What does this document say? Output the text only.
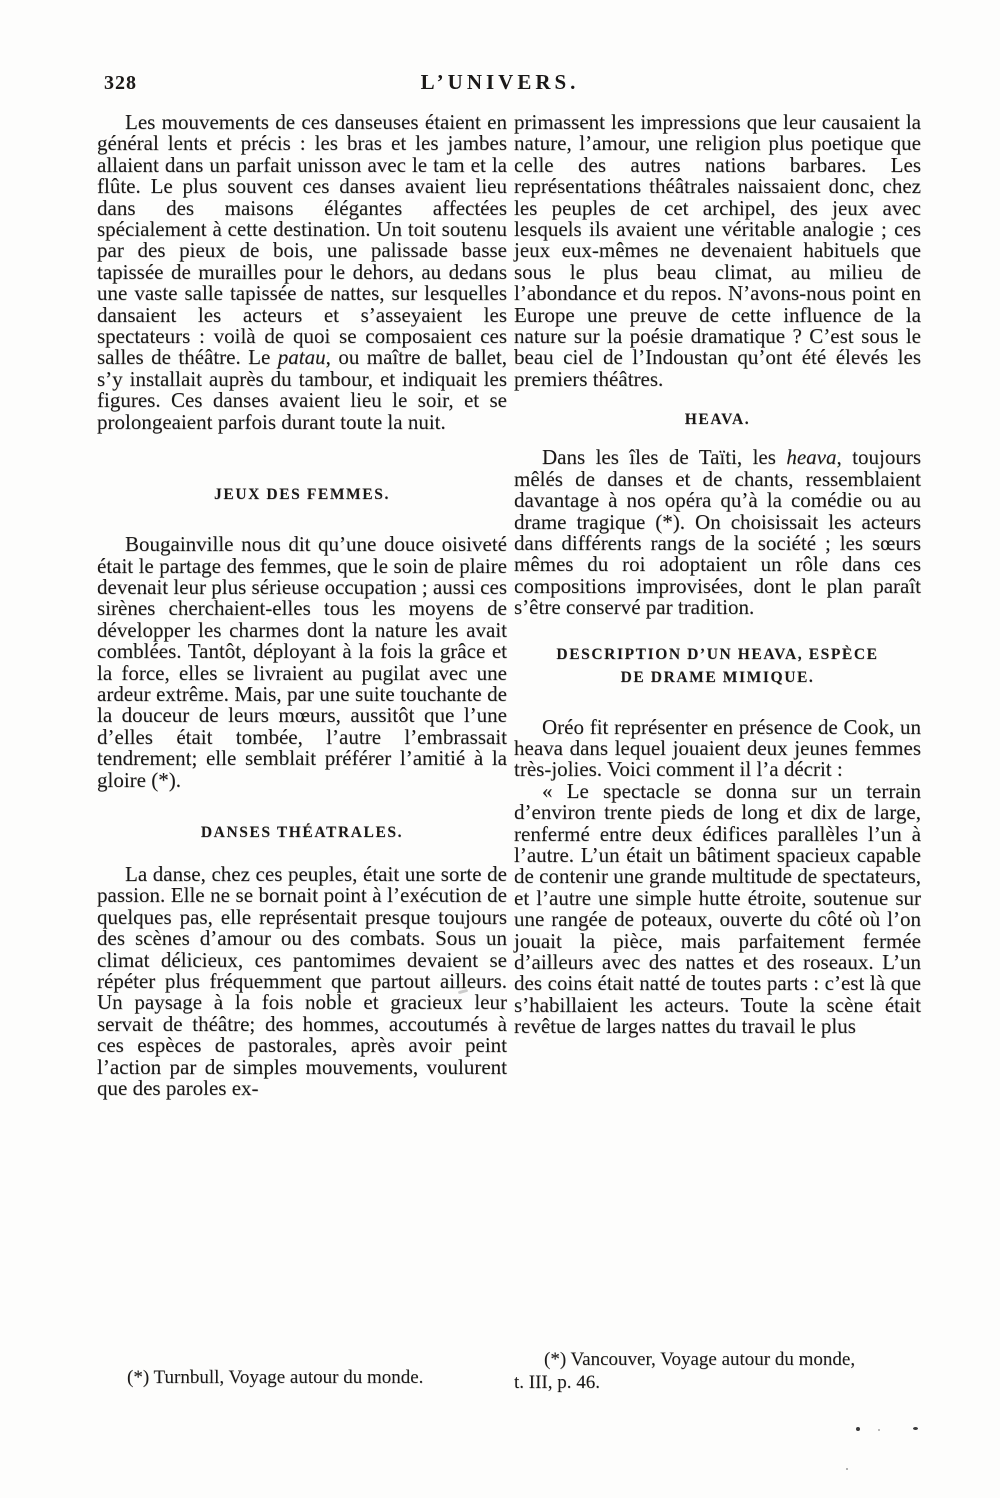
328	L’UNIVERS.

Les mouvements de ces danseuses étaient en général lents et précis : les bras et les jambes allaient dans un parfait unisson avec le tam et la flûte. Le plus souvent ces danses avaient lieu dans des maisons élégantes affectées spécialement à cette destination. Un toit soutenu par des pieux de bois, une palissade basse tapissée de murailles pour le dehors, au dedans une vaste salle tapissée de nattes, sur lesquelles dansaient les acteurs et s’asseyaient les spectateurs : voilà de quoi se composaient ces salles de théâtre. Le patau, ou maître de ballet, s’y installait auprès du tambour, et indiquait les figures. Ces danses avaient lieu le soir, et se prolongeaient parfois durant toute la nuit.

JEUX DES FEMMES.

Bougainville nous dit qu’une douce oisiveté était le partage des femmes, que le soin de plaire devenait leur plus sérieuse occupation ; aussi ces sirènes cherchaient-elles tous les moyens de développer les charmes dont la nature les avait comblées. Tantôt, déployant à la fois la grâce et la force, elles se livraient au pugilat avec une ardeur extrême. Mais, par une suite touchante de la douceur de leurs mœurs, aussitôt que l’une d’elles était tombée, l’autre l’embrassait tendrement; elle semblait préférer l’amitié à la gloire (*).

DANSES THÉATRALES.

La danse, chez ces peuples, était une sorte de passion. Elle ne se bornait point à l’exécution de quelques pas, elle représentait presque toujours des scènes d’amour ou des combats. Sous un climat délicieux, ces pantomimes devaient se répéter plus fréquemment que partout ailleurs. Un paysage à la fois noble et gracieux leur servait de théâtre; des hommes, accoutumés à ces espèces de pastorales, après avoir peint l’action par de simples mouvements, voulurent que des paroles ex-

primassent les impressions que leur causaient la nature, l’amour, une religion plus poetique que celle des autres nations barbares. Les représentations théâtrales naissaient donc, chez les peuples de cet archipel, des jeux avec lesquels ils avaient une véritable analogie ; ces jeux eux-mêmes ne devenaient habituels que sous le plus beau climat, au milieu de l’abondance et du repos. N’avons-nous point en Europe une preuve de cette influence de la nature sur la poésie dramatique ? C’est sous le beau ciel de l’Indoustan qu’ont été élevés les premiers théâtres.

HEAVA.

Dans les îles de Taïti, les heava, toujours mêlés de danses et de chants, ressemblaient davantage à nos opéra qu’à la comédie ou au drame tragique (*). On choisissait les acteurs dans différents rangs de la société ; les sœurs mêmes du roi adoptaient un rôle dans ces compositions improvisées, dont le plan paraît s’être conservé par tradition.

DESCRIPTION D’UN HEAVA, ESPÈCE DE DRAME MIMIQUE.

Oréo fit représenter en présence de Cook, un heava dans lequel jouaient deux jeunes femmes très-jolies. Voici comment il l’a décrit :

« Le spectacle se donna sur un terrain d’environ trente pieds de long et dix de large, renfermé entre deux édifices parallèles l’un à l’autre. L’un était un bâtiment spacieux capable de contenir une grande multitude de spectateurs, et l’autre une simple hutte étroite, soutenue sur une rangée de poteaux, ouverte du côté où l’on jouait la pièce, mais parfaitement fermée d’ailleurs avec des nattes et des roseaux. L’un des coins était natté de toutes parts : c’est là que s’habillaient les acteurs. Toute la scène était revêtue de larges nattes du travail le plus

(*) Turnbull, Voyage autour du monde.
(*) Vancouver, Voyage autour du monde,
t. III, p. 46.
